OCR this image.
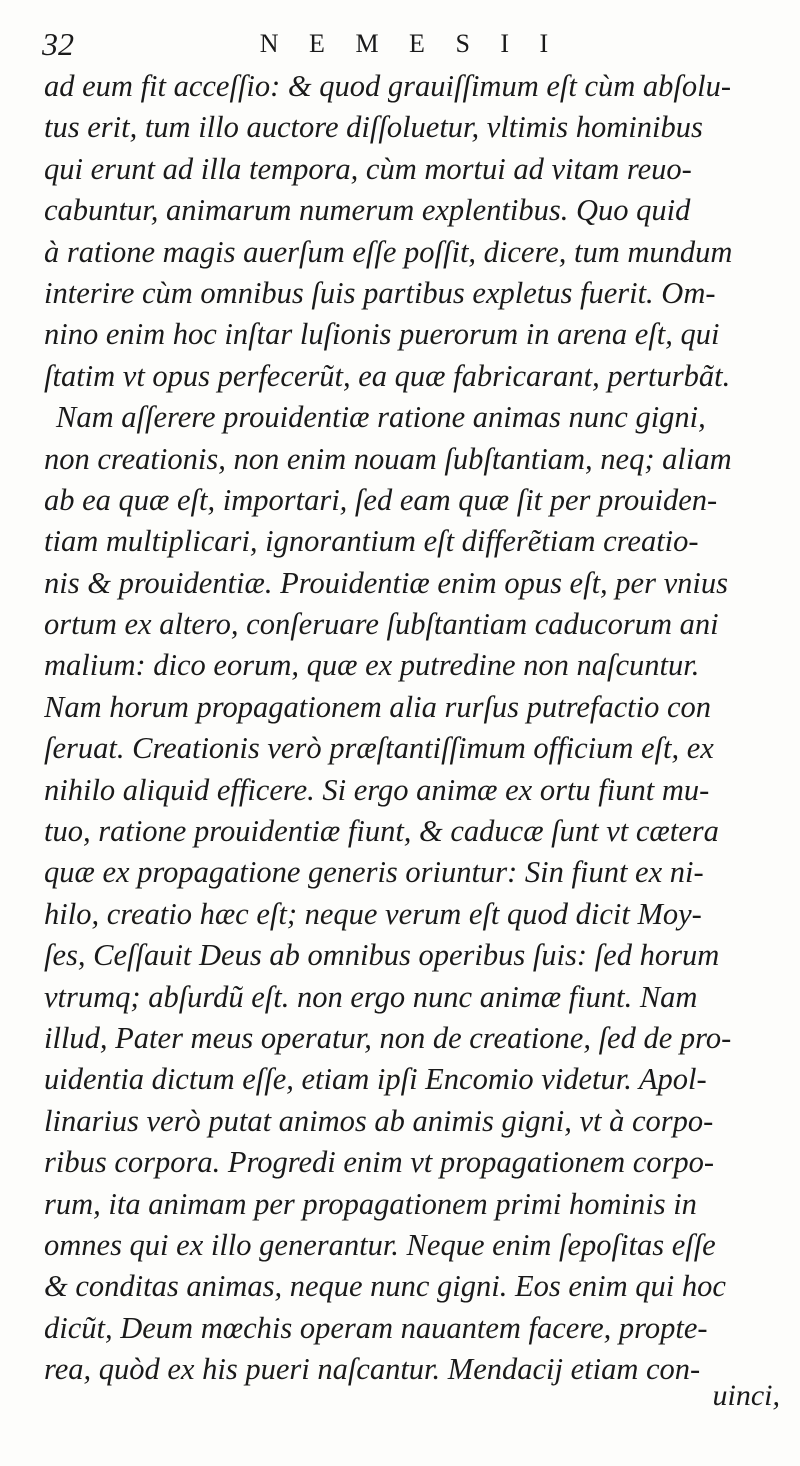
32	N E M E S I I
ad eum fit acceſſio: & quod grauiſſimum eſt cùm abſolu-
tus erit, tum illo auctore diſſoluetur, vltimis hominibus
qui erunt ad illa tempora, cùm mortui ad vitam reuo-
cabuntur, animarum numerum explentibus. Quo quid
à ratione magis auerſum eſſe poſſit, dicere, tum mundum
interire cùm omnibus ſuis partibus expletus fuerit. Om-
nino enim hoc inſtar luſionis puerorum in arena eſt, qui
ſtatim vt opus perfecerũt, ea quæ fabricarant, perturbãt.
Nam aſſerere prouidentiæ ratione animas nunc gigni,
non creationis, non enim nouam ſubſtantiam, neq; aliam
ab ea quæ eſt, importari, ſed eam quæ ſit per prouiden-
tiam multiplicari, ignorantium eſt differẽtiam creatio-
nis & prouidentiæ. Prouidentiæ enim opus eſt, per vnius
ortum ex altero, conſeruare ſubſtantiam caducorum ani
malium: dico eorum, quæ ex putredine non naſcuntur.
Nam horum propagationem alia rurſus putrefactio con
ſeruat. Creationis verò præſtantiſſimum officium eſt, ex
nihilo aliquid efficere. Si ergo animæ ex ortu fiunt mu-
tuo, ratione prouidentiæ fiunt, & caducæ ſunt vt cætera
quæ ex propagatione generis oriuntur: Sin fiunt ex ni-
hilo, creatio hæc eſt; neque verum eſt quod dicit Moy-
ſes, Ceſſauit Deus ab omnibus operibus ſuis: ſed horum
vtrumq; abſurdũ eſt. non ergo nunc animæ fiunt. Nam
illud, Pater meus operatur, non de creatione, ſed de pro-
uidentia dictum eſſe, etiam ipſi Encomio videtur. Apol-
linarius verò putat animos ab animis gigni, vt à corpo-
ribus corpora. Progredi enim vt propagationem corpo-
rum, ita animam per propagationem primi hominis in
omnes qui ex illo generantur. Neque enim ſepoſitas eſſe
& conditas animas, neque nunc gigni. Eos enim qui hoc
dicũt, Deum mœchis operam nauantem facere, propte-
rea, quòd ex his pueri naſcantur. Mendacij etiam con-
uinci,
